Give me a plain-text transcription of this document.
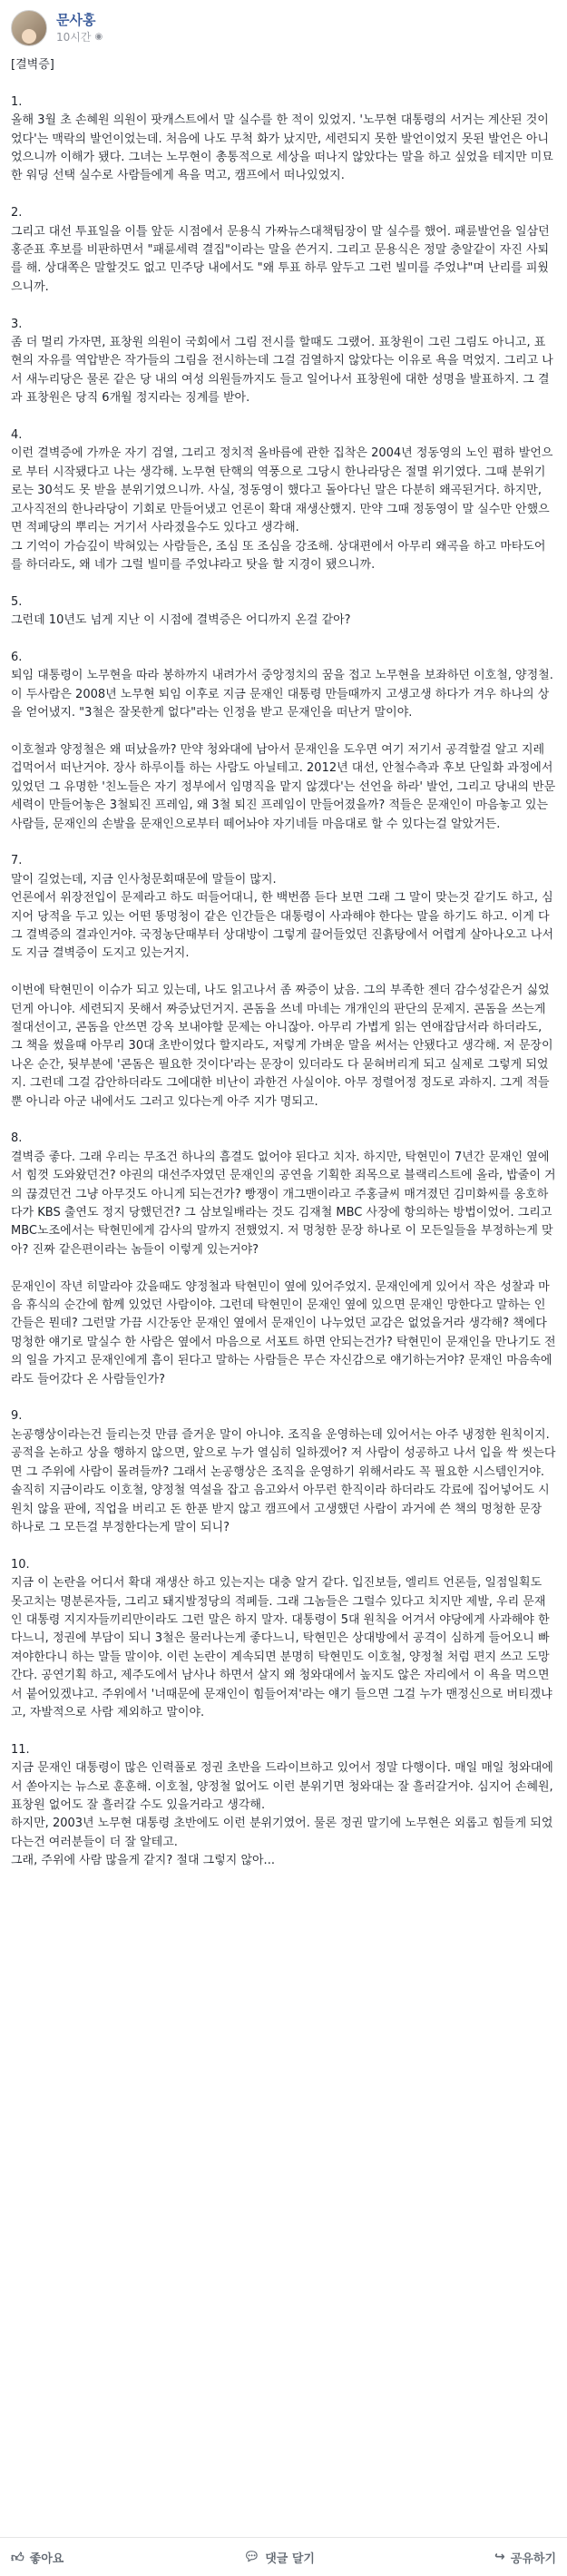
문사홍
10시간 ◉
[결벽증]
1.
올해 3월 초 손혜원 의원이 팟캐스트에서 말 실수를 한 적이 있었지. '노무현 대통령의 서거는 계산된 것이었다'는 맥락의 발언이었는데. 처음에 나도 무척 화가 났지만, 세련되지 못한 발언이었지 못된 발언은 아니었으니까 이해가 됐다. 그녀는 노무현이 총통적으로 세상을 떠나지 않았다는 말을 하고 싶었을 테지만 미묘한 워딩 선택 실수로 사람들에게 욕을 먹고, 캠프에서 떠나있었지.
2.
그리고 대선 투표일을 이틀 앞둔 시점에서 문용식 가짜뉴스대책팀장이 말 실수를 했어. 패륜발언을 일삼던 홍준표 후보를 비판하면서 "패륜세력 결집"이라는 말을 쓴거지. 그리고 문용식은 정말 충알같이 자진 사퇴를 해. 상대쪽은 말할것도 없고 민주당 내에서도 "왜 투표 하루 앞두고 그런 빌미를 주었냐"며 난리를 피웠으니까.
3.
좀 더 멀리 가자면, 표창원 의원이 국회에서 그림 전시를 할때도 그랬어. 표창원이 그린 그림도 아니고, 표현의 자유를 역압받은 작가들의 그림을 전시하는데 그걸 검열하지 않았다는 이유로 욕을 먹었지. 그리고 나서 새누리당은 물론 같은 당 내의 여성 의원들까지도 들고 일어나서 표창원에 대한 성명을 발표하지. 그 결과 표창원은 당직 6개월 정지라는 징계를 받아.
4.
이런 결벽증에 가까운 자기 검열, 그리고 정치적 올바름에 관한 집착은 2004년 정동영의 노인 폄하 발언으로 부터 시작됐다고 나는 생각해. 노무현 탄핵의 역풍으로 그당시 한나라당은 절멸 위기였다. 그때 분위기로는 30석도 못 받을 분위기였으니까. 사실, 정동영이 했다고 돌아다닌 말은 다분히 왜곡된거다. 하지만, 고사직전의 한나라당이 기회로 만들어냈고 언론이 확대 재생산했지. 만약 그때 정동영이 말 실수만 안했으면 적페당의 뿌리는 거기서 사라졌을수도 있다고 생각해.
그 기억이 가슴깊이 박혀있는 사람들은, 조심 또 조심을 강조해. 상대편에서 아무리 왜곡을 하고 마타도어를 하더라도, 왜 네가 그럴 빌미를 주었냐라고 탓을 할 지경이 됐으니까.
5.
그런데 10년도 넘게 지난 이 시점에 결벽증은 어디까지 온걸 같아?
6.
퇴임 대통령이 노무현을 따라 봉하까지 내려가서 중앙정치의 꿈을 접고 노무현을 보좌하던 이호철, 양정철. 이 두사람은 2008년 노무현 퇴임 이후로 지금 문재인 대통령 만들때까지 고생고생 하다가 겨우 하나의 상을 얻어냈지. "3철은 잘못한게 없다"라는 인정을 받고 문재인을 떠난거 말이야.
이호철과 양정철은 왜 떠났을까? 만약 청와대에 남아서 문재인을 도우면 여기 저기서 공격할걸 알고 지레 겁먹어서 떠난거야. 장사 하루이틀 하는 사람도 아닐테고. 2012년 대선, 안철수측과 후보 단일화 과정에서 있었던 그 유명한 '친노들은 자기 정부에서 임명직을 맡지 않겠다'는 선언을 하라' 발언, 그리고 당내의 반문 세력이 만들어놓은 3철퇴진 프레임, 왜 3철 퇴진 프레임이 만들어졌을까? 적들은 문재인이 마음놓고 있는 사람들, 문재인의 손발을 문재인으로부터 떼어놔야 자기네들 마음대로 할 수 있다는걸 알았거든.
7.
말이 길었는데, 지금 인사청문회때문에 말들이 많지.
언론에서 위장전입이 문제라고 하도 떠들어대니, 한 백번쯤 듣다 보면 그래 그 말이 맞는것 같기도 하고, 심지어 당적을 두고 있는 어떤 똥멍청이 같은 인간들은 대통령이 사과해야 한다는 말을 하기도 하고. 이게 다 그 결벽증의 결과인거야. 국정농단때부터 상대방이 그렇게 끌어들었던 진흙탕에서 어렵게 살아나오고 나서도 지금 결벽증이 도지고 있는거지.
이번에 탁현민이 이슈가 되고 있는데, 나도 읽고나서 좀 짜증이 났음. 그의 부족한 젠더 감수성같은거 싫었던게 아니야. 세련되지 못해서 짜증났던거지. 콘돔을 쓰네 마네는 개개인의 판단의 문제지. 콘돔을 쓰는게 절대선이고, 콘돔을 안쓰면 강옥 보내야할 문제는 아니잖아. 아무리 가볍게 읽는 연애잡담서라 하더라도, 그 책을 썼을때 아무리 30대 초반이었다 할지라도, 저렇게 가벼운 말을 써서는 안됐다고 생각해. 저 문장이 나온 순간, 뒷부분에 '콘돔은 필요한 것이다'라는 문장이 있더라도 다 묻혀버리게 되고 실제로 그렇게 되었지. 그런데 그걸 감안하더라도 그에대한 비난이 과한건 사실이야. 아무 정렬어정 정도로 과하지. 그게 적들 뿐 아니라 아군 내에서도 그러고 있다는게 아주 지가 명되고.
8.
결벽증 좋다. 그래 우리는 무조건 하나의 흠결도 없어야 된다고 치자. 하지만, 탁현민이 7년간 문재인 옆에서 힘껏 도와왔던건? 야권의 대선주자였던 문재인의 공연을 기획한 죄목으로 블랙리스트에 올라, 밥줄이 거의 끊겼던건 그냥 아무것도 아니게 되는건가? 빵쟁이 개그맨이라고 주홍글씨 매겨졌던 김미화씨를 옹호하다가 KBS 출연도 정지 당했던건? 그 삼보일배라는 것도 김재철 MBC 사장에 항의하는 방법이었어. 그리고 MBC노조에서는 탁현민에게 감사의 말까지 전했었지. 저 멍청한 문장 하나로 이 모든일들을 부정하는게 맞아? 진짜 같은편이라는 놈들이 이렇게 있는거야?
문재인이 작년 히말라야 갔을때도 양정철과 탁현민이 옆에 있어주었지. 문재인에게 있어서 작은 성찰과 마음 휴식의 순간에 함께 있었던 사람이야. 그런데 탁현민이 문재인 옆에 있으면 문재인 망한다고 말하는 인간들은 뭔데? 그런말 가끔 시간동안 문재인 옆에서 문재인이 나누었던 교감은 없었을거라 생각해? 책에다 멍청한 얘기로 말실수 한 사람은 옆에서 마음으로 서포트 하면 안되는건가? 탁현민이 문재인을 만나기도 전의 일을 가지고 문재인에게 흠이 된다고 말하는 사람들은 무슨 자신감으로 얘기하는거야? 문재인 마음속에라도 들어갔다 온 사람들인가?
9.
논공행상이라는건 들리는것 만큼 즐거운 말이 아니야. 조직을 운영하는데 있어서는 아주 냉정한 원칙이지. 공적을 논하고 상을 행하지 않으면, 앞으로 누가 열심히 일하겠어? 저 사람이 성공하고 나서 입을 싹 씻는다면 그 주위에 사람이 몰려들까? 그래서 논공행상은 조직을 운영하기 위해서라도 꼭 필요한 시스템인거야. 솔직히 지금이라도 이호철, 양정철 역설을 잡고 음고와서 아무런 한직이라 하더라도 각료에 집어넣어도 시원치 않을 판에, 직업을 버리고 돈 한푼 받지 않고 캠프에서 고생했던 사람이 과거에 쓴 책의 멍청한 문장 하나로 그 모든걸 부정한다는게 말이 되니?
10.
지금 이 논란을 어디서 확대 재생산 하고 있는지는 대충 알거 같다. 입진보들, 엘리트 언론들, 일점일획도 못고치는 명분론자들, 그리고 돼지발정당의 적폐들. 그래 그놈들은 그럴수 있다고 치지만 제발, 우리 문재인 대통령 지지자들끼리만이라도 그런 말은 하지 말자. 대통령이 5대 원칙을 어겨서 야당에게 사과해야 한다느니, 정권에 부담이 되니 3철은 물러나는게 좋다느니, 탁현민은 상대방에서 공격이 심하게 들어오니 빠져야한다니 하는 말들 말이야. 이런 논란이 계속되면 분명히 탁현민도 이호철, 양정철 처럼 편지 쓰고 도망간다. 공연기획 하고, 제주도에서 남사나 하면서 살지 왜 청와대에서 높지도 않은 자리에서 이 욕을 먹으면서 붙어있겠냐고. 주위에서 '너때문에 문재인이 힘들어져'라는 얘기 들으면 그걸 누가 맨정신으로 버티겠냐고, 자발적으로 사람 제외하고 말이야.
11.
지금 문재인 대통령이 많은 인력풀로 정권 초반을 드라이브하고 있어서 정말 다행이다. 매일 매일 청와대에서 쏟아지는 뉴스로 훈훈해. 이호철, 양정철 없어도 이런 분위기면 청와대는 잘 흘러갈거야. 심지어 손혜원, 표창원 없어도 잘 흘러갈 수도 있을거라고 생각해.
하지만, 2003년 노무현 대통령 초반에도 이런 분위기였어. 물론 정권 말기에 노무현은 외롭고 힘들게 되었다는건 여러분들이 더 잘 알테고.
그래, 주위에 사람 많을게 같지? 절대 그렇지 않아...
👍︎ 좋아요	💬︎ 댓글 달기	↪ 공유하기
